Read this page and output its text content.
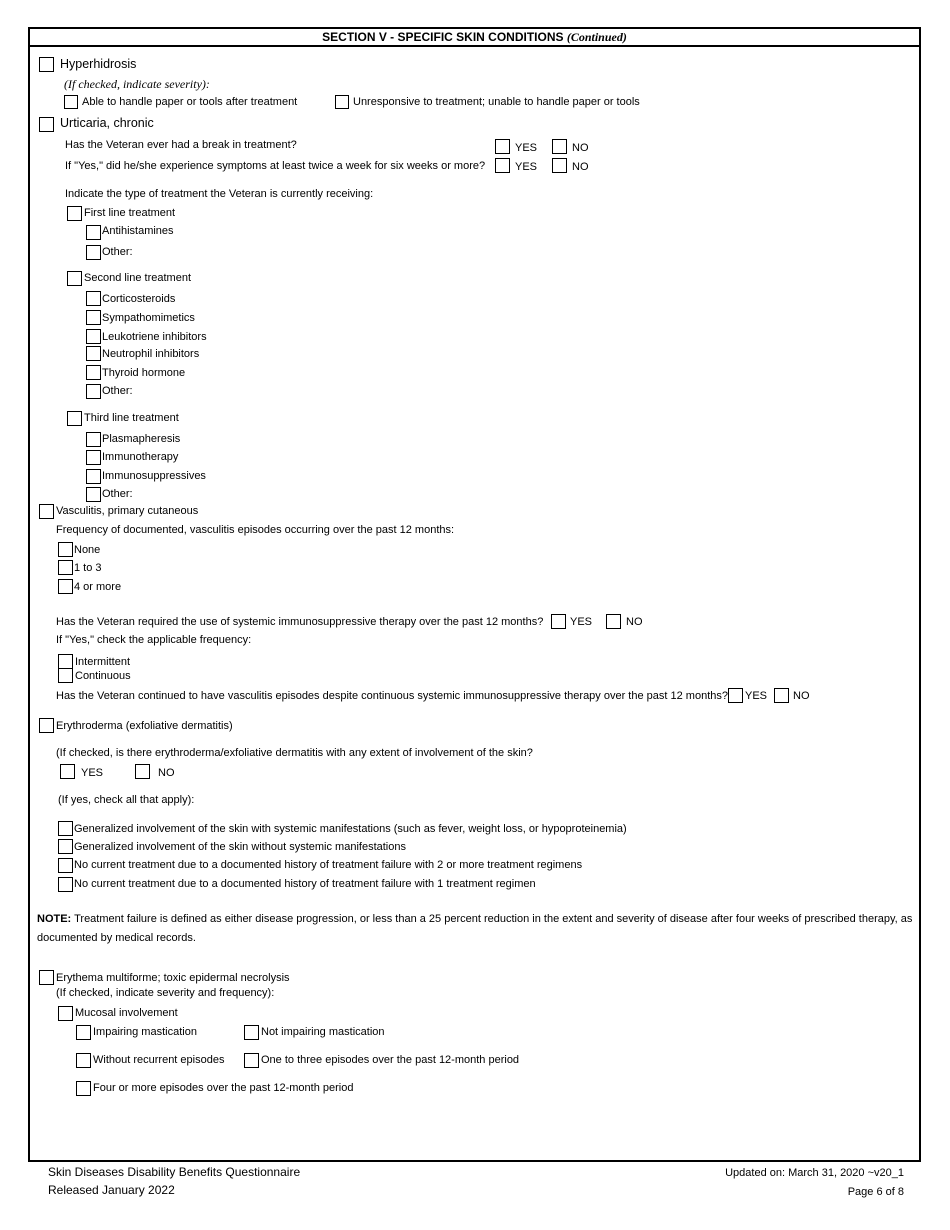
SECTION V - SPECIFIC SKIN CONDITIONS (Continued)
Hyperhidrosis
(If checked, indicate severity):
Able to handle paper or tools after treatment	Unresponsive to treatment; unable to handle paper or tools
Urticaria, chronic
Has the Veteran ever had a break in treatment?	YES	NO
If "Yes," did he/she experience symptoms at least twice a week for six weeks or more?	YES	NO
Indicate the type of treatment the Veteran is currently receiving:
First line treatment
Antihistamines
Other:
Second line treatment
Corticosteroids
Sympathomimetics
Leukotriene inhibitors
Neutrophil inhibitors
Thyroid hormone
Other:
Third line treatment
Plasmapheresis
Immunotherapy
Immunosuppressives
Other:
Vasculitis, primary cutaneous
Frequency of documented, vasculitis episodes occurring over the past 12 months:
None
1 to 3
4 or more
Has the Veteran required the use of systemic immunosuppressive therapy over the past 12 months? YES	NO
If "Yes," check the applicable frequency:
Intermittent
Continuous
Has the Veteran continued to have vasculitis episodes despite continuous systemic immunosuppressive therapy over the past 12 months? YES NO
Erythroderma (exfoliative dermatitis)
(If checked, is there erythroderma/exfoliative dermatitis with any extent of involvement of the skin?
YES	NO
(If yes, check all that apply):
Generalized involvement of the skin with systemic manifestations (such as fever, weight loss, or hypoproteinemia)
Generalized involvement of the skin without systemic manifestations
No current treatment due to a documented history of treatment failure with 2 or more treatment regimens
No current treatment due to a documented history of treatment failure with 1 treatment regimen
NOTE: Treatment failure is defined as either disease progression, or less than a 25 percent reduction in the extent and severity of disease after four weeks of prescribed therapy, as documented by medical records.
Erythema multiforme; toxic epidermal necrolysis
(If checked, indicate severity and frequency):
Mucosal involvement
Impairing mastication	Not impairing mastication
Without recurrent episodes	One to three episodes over the past 12-month period
Four or more episodes over the past 12-month period
Skin Diseases Disability Benefits Questionnaire
Released January 2022
Updated on: March 31, 2020 ~v20_1
Page 6 of 8
